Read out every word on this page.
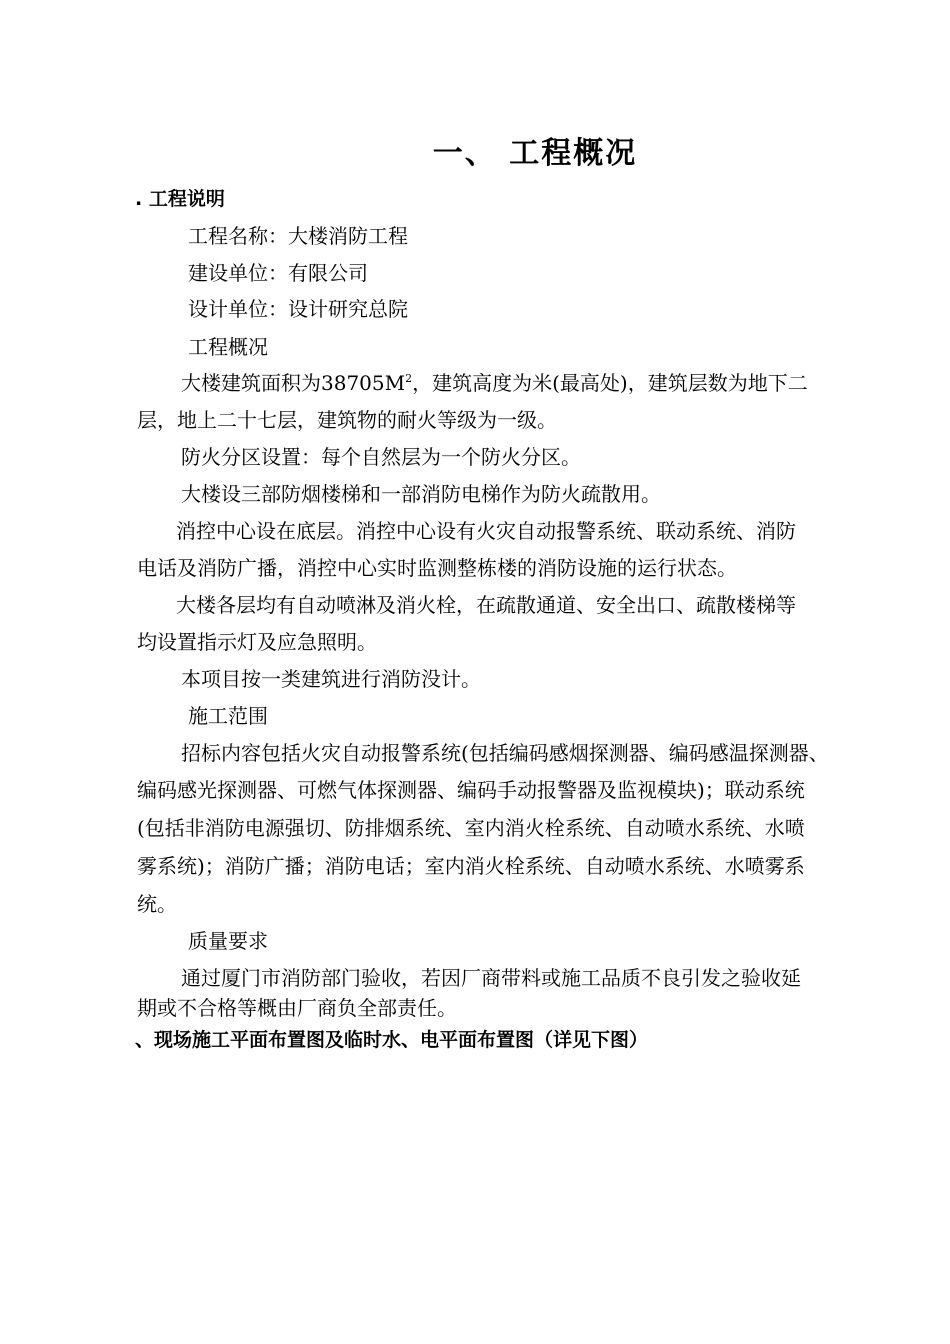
一、 工程概况
. 工程说明
工程名称：大楼消防工程
建设单位：有限公司
设计单位：设计研究总院
工程概况
大楼建筑面积为$38705M^2$，建筑高度为米(最高处)，建筑层数为地下二
层，地上二十七层，建筑物的耐火等级为一级。
防火分区设置：每个自然层为一个防火分区。
大楼设三部防烟楼梯和一部消防电梯作为防火疏散用。
消控中心设在底层。消控中心设有火灾自动报警系统、联动系统、消防
电话及消防广播，消控中心实时监测整栋楼的消防设施的运行状态。
大楼各层均有自动喷淋及消火栓，在疏散通道、安全出口、疏散楼梯等
均设置指示灯及应急照明。
本项目按一类建筑进行消防没计。
施工范围
招标内容包括火灾自动报警系统(包括编码感烟探测器、编码感温探测器、
编码感光探测器、可燃气体探测器、编码手动报警器及监视模块)；联动系统
(包括非消防电源强切、防排烟系统、室内消火栓系统、自动喷水系统、水喷
雾系统)；消防广播；消防电话；室内消火栓系统、自动喷水系统、水喷雾系
统。
质量要求
通过厦门市消防部门验收，若因厂商带料或施工品质不良引发之验收延
期或不合格等概由厂商负全部责任。
、现场施工平面布置图及临时水、电平面布置图（详见下图）
